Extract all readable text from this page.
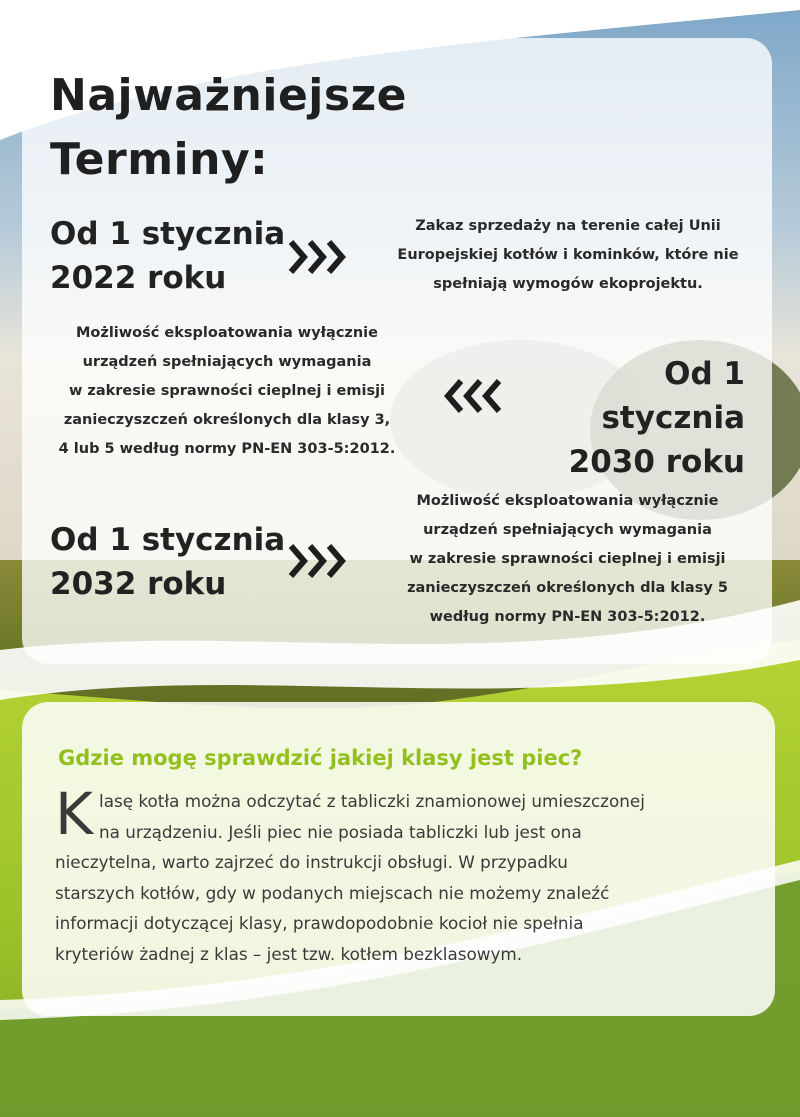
Najważniejsze
Terminy:
Od 1 stycznia
2022 roku
Zakaz sprzedaży na terenie całej Unii
Europejskiej kotłów i kominków, które nie
spełniają wymogów ekoprojektu.
Możliwość eksploatowania wyłącznie
urządzeń spełniających wymagania
w zakresie sprawności cieplnej i emisji
zanieczyszczeń określonych dla klasy 3,
4 lub 5 według normy PN-EN 303-5:2012.
Od 1 stycznia
2030 roku
Od 1 stycznia
2032 roku
Możliwość eksploatowania wyłącznie
urządzeń spełniających wymagania
w zakresie sprawności cieplnej i emisji
zanieczyszczeń określonych dla klasy 5
według normy PN-EN 303-5:2012.
Gdzie mogę sprawdzić jakiej klasy jest piec?
K lasę kotła można odczytać z tabliczki znamionowej umieszczonej
na urządzeniu. Jeśli piec nie posiada tabliczki lub jest ona
nieczytelna, warto zajrzeć do instrukcji obsługi. W przypadku
starszych kotłów, gdy w podanych miejscach nie możemy znaleźć
informacji dotyczącej klasy, prawdopodobnie kocioł nie spełnia
kryteriów żadnej z klas – jest tzw. kotłem bezklasowym.
